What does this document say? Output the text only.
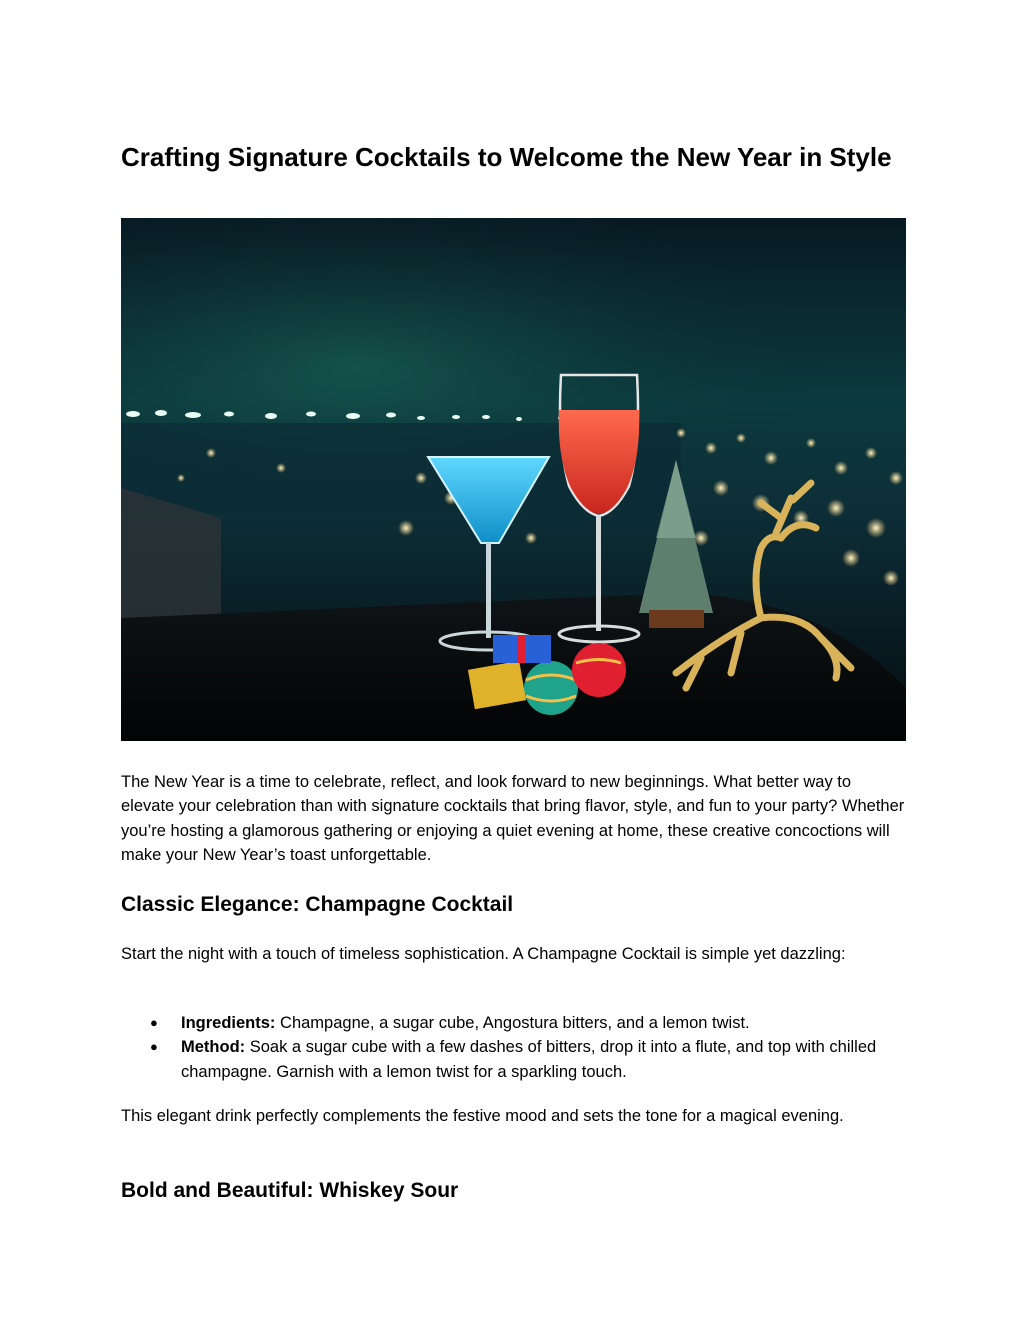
Crafting Signature Cocktails to Welcome the New Year in Style

The New Year is a time to celebrate, reflect, and look forward to new beginnings. What better way to elevate your celebration than with signature cocktails that bring flavor, style, and fun to your party? Whether you’re hosting a glamorous gathering or enjoying a quiet evening at home, these creative concoctions will make your New Year’s toast unforgettable.

Classic Elegance: Champagne Cocktail

Start the night with a touch of timeless sophistication. A Champagne Cocktail is simple yet dazzling:

● Ingredients: Champagne, a sugar cube, Angostura bitters, and a lemon twist.
● Method: Soak a sugar cube with a few dashes of bitters, drop it into a flute, and top with chilled champagne. Garnish with a lemon twist for a sparkling touch.

This elegant drink perfectly complements the festive mood and sets the tone for a magical evening.

Bold and Beautiful: Whiskey Sour
